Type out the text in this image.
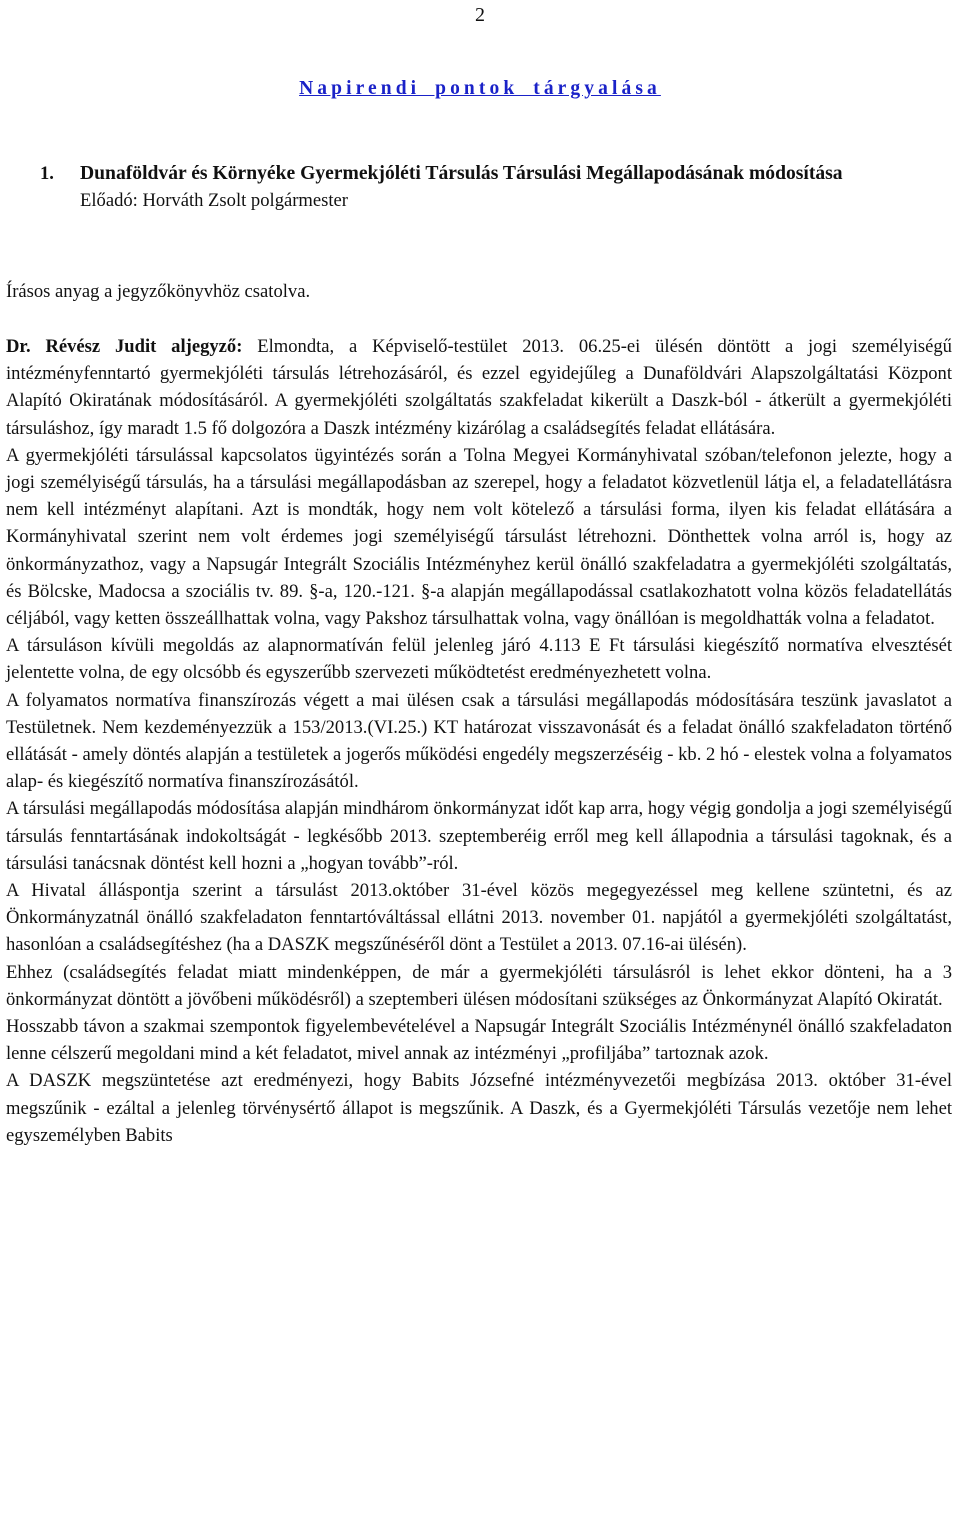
2
Napirendi pontok tárgyalása
1. Dunaföldvár és Környéke Gyermekjóléti Társulás Társulási Megállapodásának módosítása
Előadó: Horváth Zsolt polgármester
Írásos anyag a jegyzőkönyvhöz csatolva.

Dr. Révész Judit aljegyző: Elmondta, a Képviselő-testület 2013. 06.25-ei ülésén döntött a jogi személyiségű intézményfenntartó gyermekjóléti társulás létrehozásáról, és ezzel egyidejűleg a Dunaföldvári Alapszolgáltatási Központ Alapító Okiratának módosításáról. A gyermekjóléti szolgáltatás szakfeladat kikerült a Daszk-ból - átkerült a gyermekjóléti társuláshoz, így maradt 1.5 fő dolgozóra a Daszk intézmény kizárólag a családsegítés feladat ellátására.

A gyermekjóléti társulással kapcsolatos ügyintézés során a Tolna Megyei Kormányhivatal szóban/telefonon jelezte, hogy a jogi személyiségű társulás, ha a társulási megállapodásban az szerepel, hogy a feladatot közvetlenül látja el, a feladatellátásra nem kell intézményt alapítani. Azt is mondták, hogy nem volt kötelező a társulási forma, ilyen kis feladat ellátására a Kormányhivatal szerint nem volt érdemes jogi személyiségű társulást létrehozni. Dönthettek volna arról is, hogy az önkormányzathoz, vagy a Napsugár Integrált Szociális Intézményhez kerül önálló szakfeladatra a gyermekjóléti szolgáltatás, és Bölcske, Madocsa a szociális tv. 89. §-a, 120.-121. §-a alapján megállapodással csatlakozhatott volna közös feladatellátás céljából, vagy ketten összeállhattak volna, vagy Pakshoz társulhattak volna, vagy önállóan is megoldhatták volna a feladatot.

A társuláson kívüli megoldás az alapnormatíván felül jelenleg járó 4.113 E Ft társulási kiegészítő normatíva elvesztését jelentette volna, de egy olcsóbb és egyszerűbb szervezeti működtetést eredményezhetett volna.

A folyamatos normatíva finanszírozás végett a mai ülésen csak a társulási megállapodás módosítására teszünk javaslatot a Testületnek. Nem kezdeményezzük a 153/2013.(VI.25.) KT határozat visszavonását és a feladat önálló szakfeladaton történő ellátását - amely döntés alapján a testületek a jogerős működési engedély megszerzéséig - kb. 2 hó - elestek volna a folyamatos alap- és kiegészítő normatíva finanszírozásától.

A társulási megállapodás módosítása alapján mindhárom önkormányzat időt kap arra, hogy végig gondolja a jogi személyiségű társulás fenntartásának indokoltságát - legkésőbb 2013. szeptemberéig erről meg kell állapodnia a társulási tagoknak, és a társulási tanácsnak döntést kell hozni a „hogyan tovább”-ról.

A Hivatal álláspontja szerint a társulást 2013.október 31-ével közös megegyezéssel meg kellene szüntetni, és az Önkormányzatnál önálló szakfeladaton fenntartóváltással ellátni 2013. november 01. napjától a gyermekjóléti szolgáltatást, hasonlóan a családsegítéshez (ha a DASZK megszűnéséről dönt a Testület a 2013. 07.16-ai ülésén).

Ehhez (családsegítés feladat miatt mindenképpen, de már a gyermekjóléti társulásról is lehet ekkor dönteni, ha a 3 önkormányzat döntött a jövőbeni működésről) a szeptemberi ülésen módosítani szükséges az Önkormányzat Alapító Okiratát.

Hosszabb távon a szakmai szempontok figyelembevételével a Napsugár Integrált Szociális Intézménynél önálló szakfeladaton lenne célszerű megoldani mind a két feladatot, mivel annak az intézményi „profiljába” tartoznak azok.

A DASZK megszüntetése azt eredményezi, hogy Babits Józsefné intézményvezetői megbízása 2013. október 31-ével megszűnik - ezáltal a jelenleg törvénysértő állapot is megszűnik. A Daszk, és a Gyermekjóléti Társulás vezetője nem lehet egyszemélyben Babits
